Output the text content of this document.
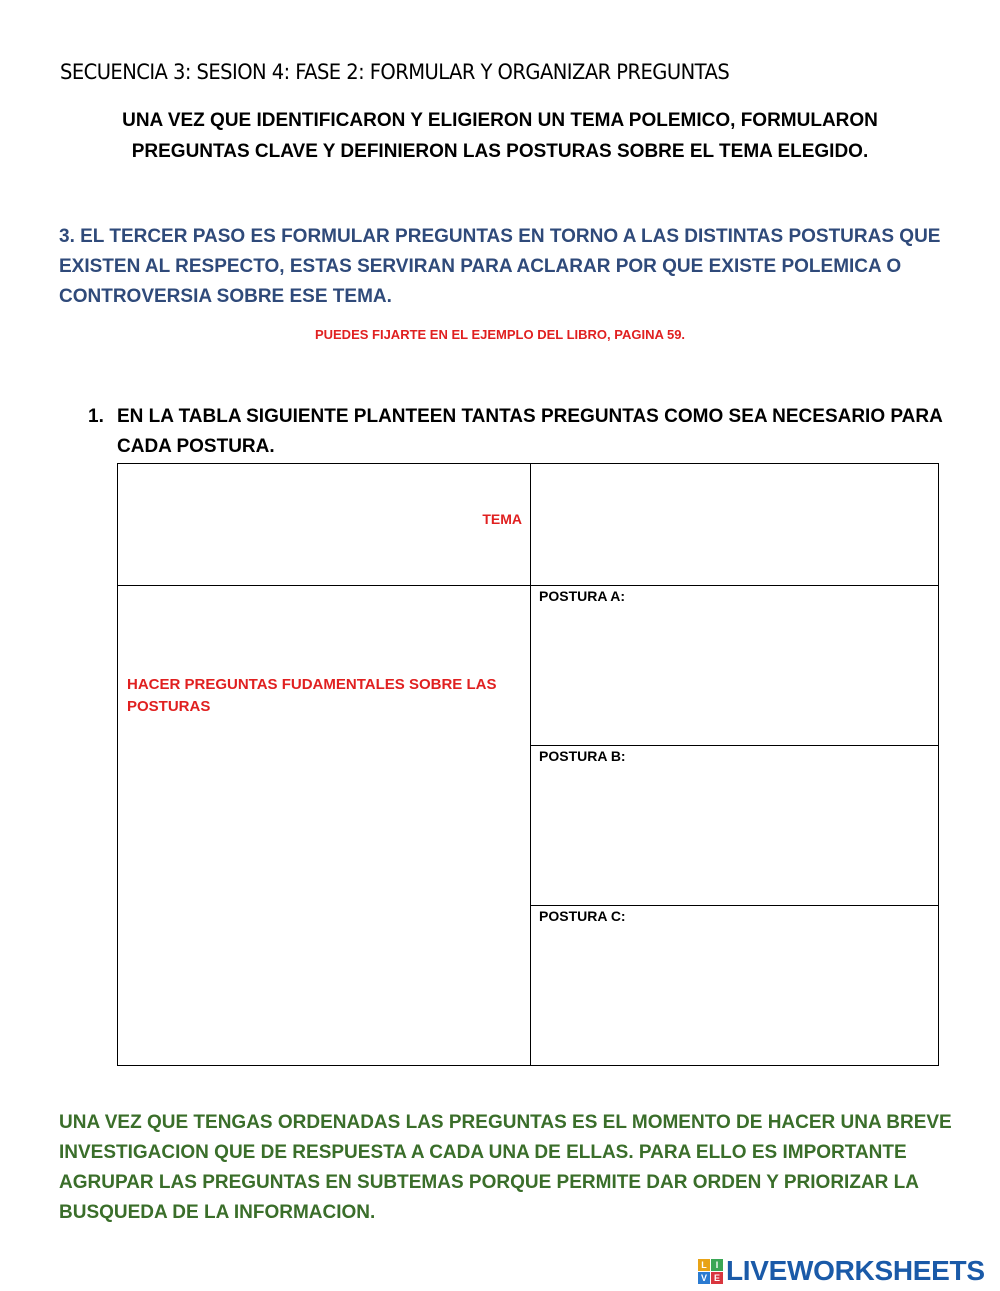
SECUENCIA 3: SESION 4: FASE 2: FORMULAR Y ORGANIZAR PREGUNTAS
UNA VEZ QUE IDENTIFICARON Y ELIGIERON UN TEMA POLEMICO, FORMULARON PREGUNTAS CLAVE Y DEFINIERON LAS POSTURAS SOBRE EL TEMA ELEGIDO.
3. EL TERCER PASO ES FORMULAR PREGUNTAS EN TORNO A LAS DISTINTAS POSTURAS QUE EXISTEN AL RESPECTO, ESTAS SERVIRAN PARA ACLARAR POR QUE EXISTE POLEMICA O CONTROVERSIA SOBRE ESE TEMA.
PUEDES FIJARTE EN EL EJEMPLO DEL LIBRO, PAGINA 59.
1. EN LA TABLA SIGUIENTE PLANTEEN TANTAS PREGUNTAS COMO SEA NECESARIO PARA CADA POSTURA.
TEMA
HACER PREGUNTAS FUDAMENTALES SOBRE LAS POSTURAS
POSTURA A:
POSTURA B:
POSTURA C:
UNA VEZ QUE TENGAS ORDENADAS LAS PREGUNTAS ES EL MOMENTO DE HACER UNA BREVE INVESTIGACION QUE DE RESPUESTA A CADA UNA DE ELLAS. PARA ELLO ES IMPORTANTE AGRUPAR LAS PREGUNTAS EN SUBTEMAS PORQUE PERMITE DAR ORDEN Y PRIORIZAR LA BUSQUEDA DE LA INFORMACION.
L I
V E LIVEWORKSHEETS
